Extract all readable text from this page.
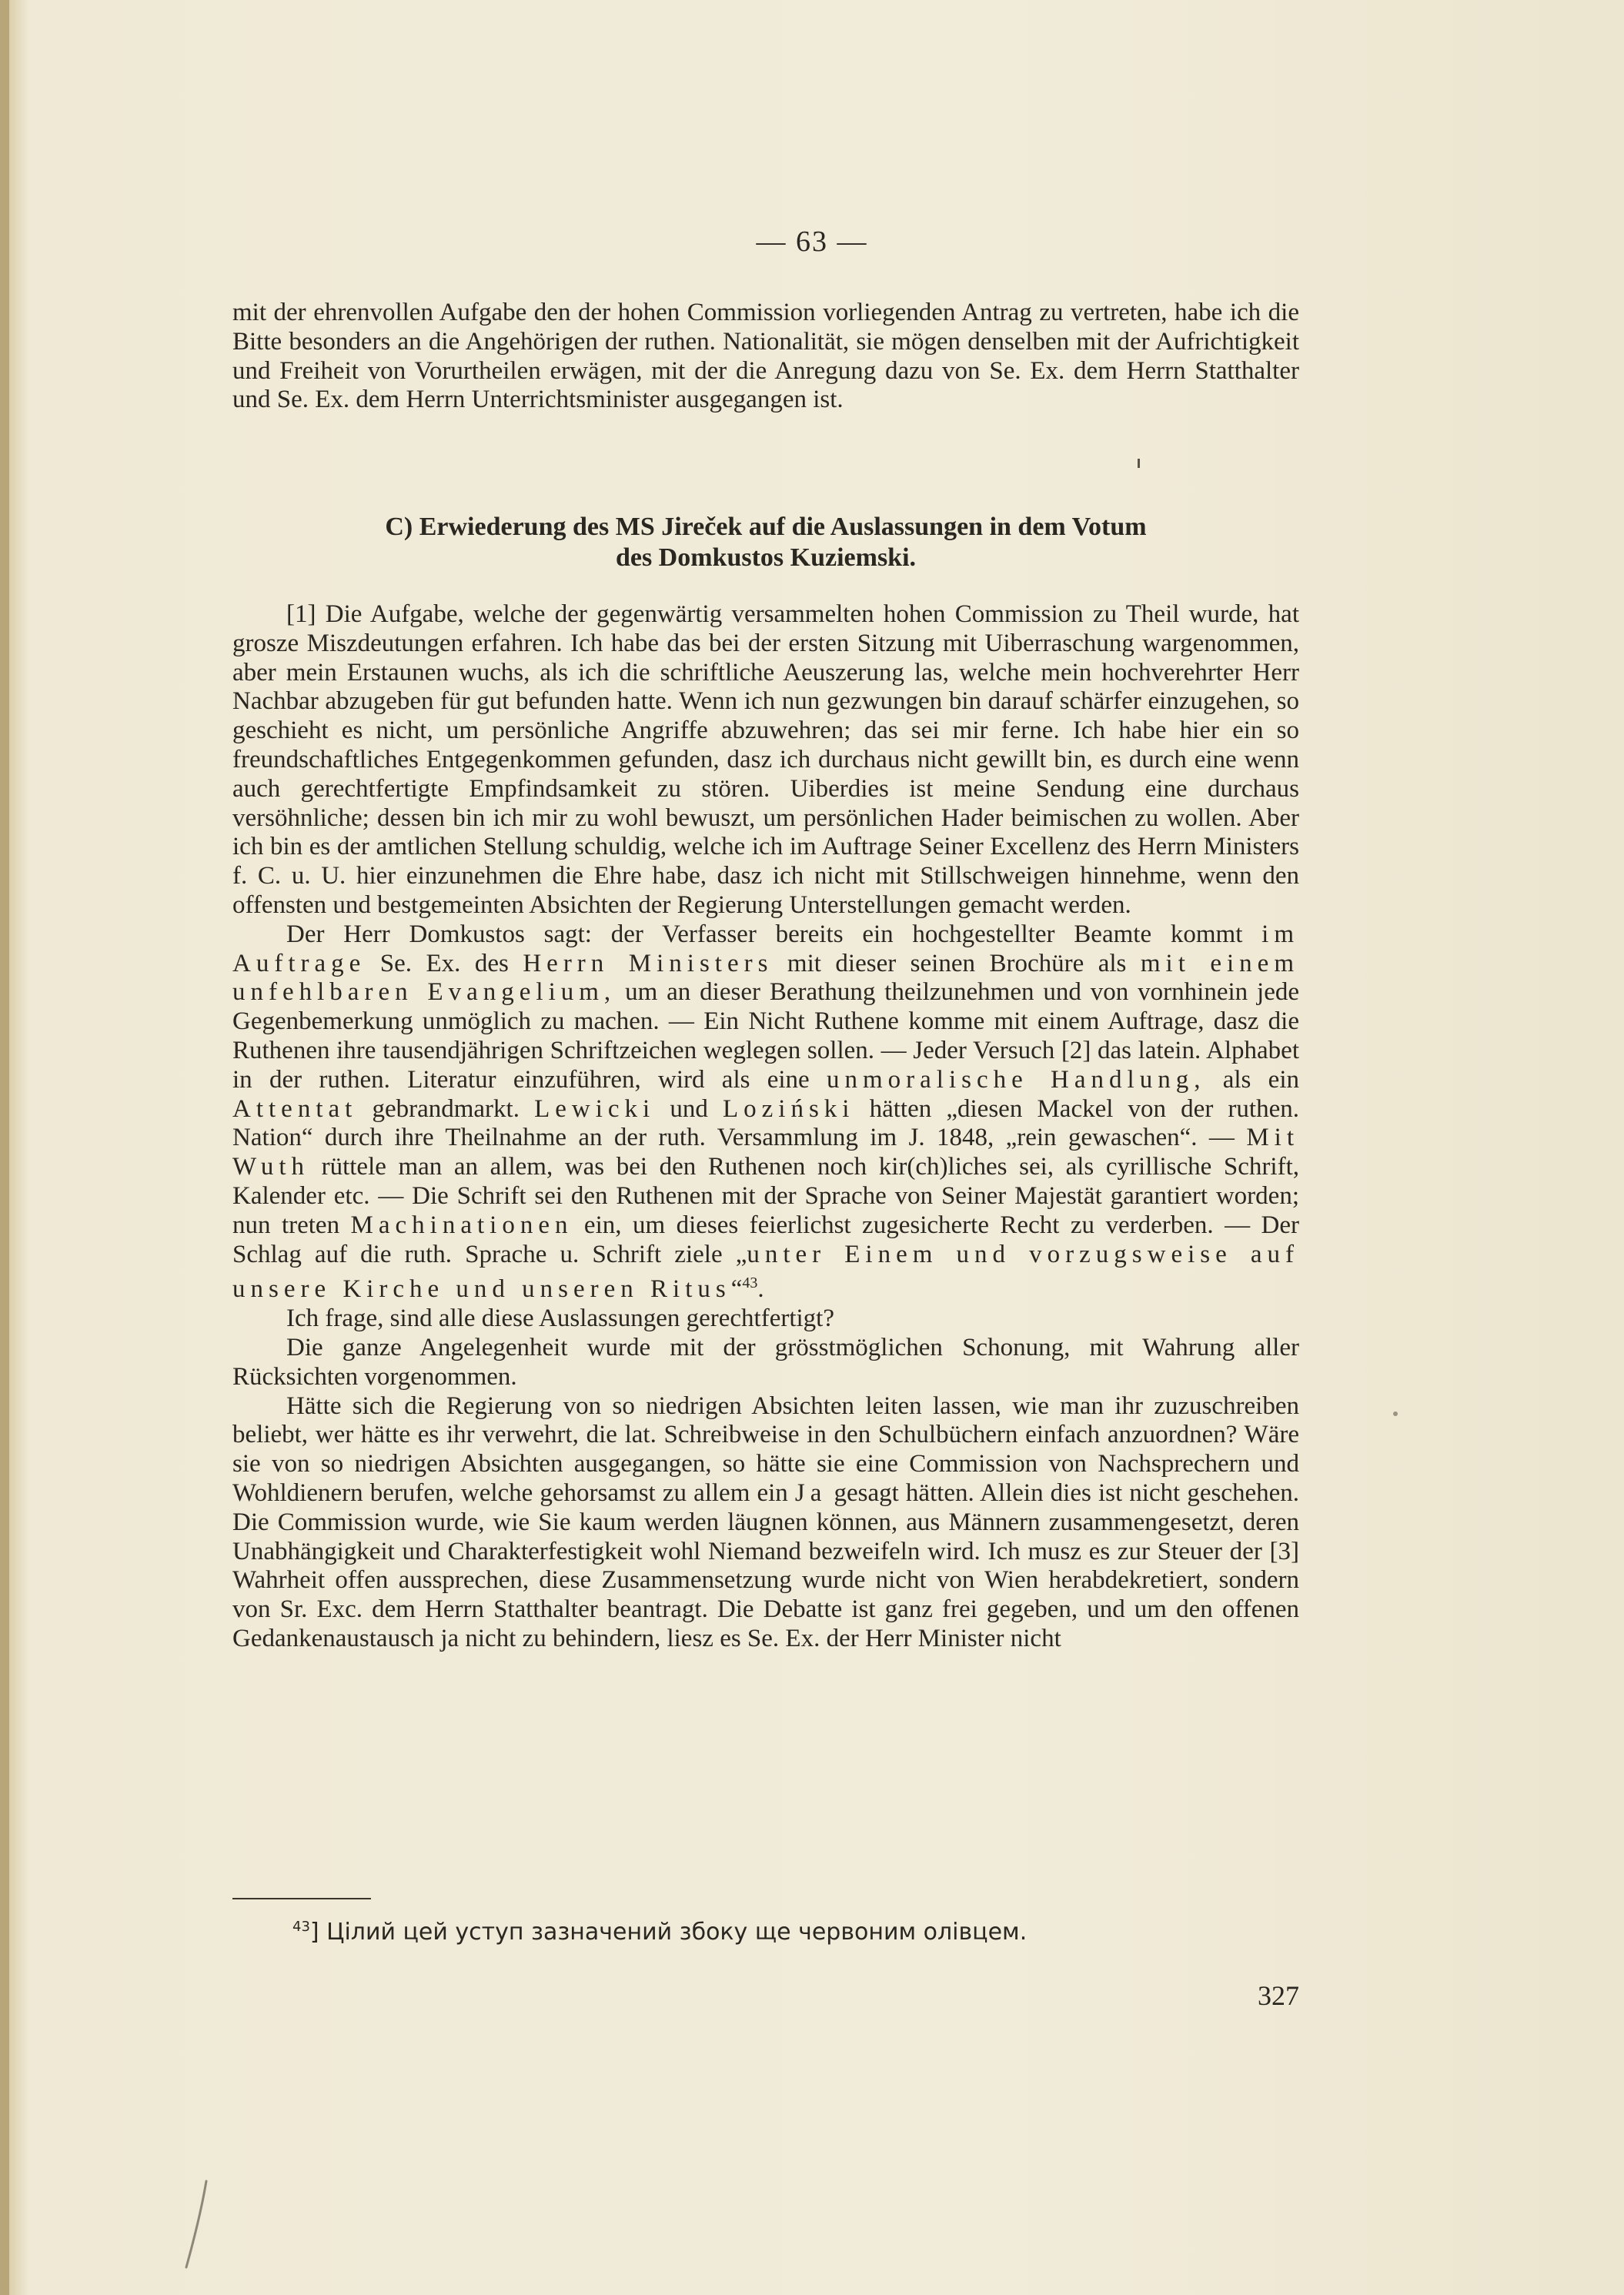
— 63 —

mit der ehrenvollen Aufgabe den der hohen Commission vorliegenden Antrag zu vertreten, habe ich die Bitte besonders an die Angehörigen der ruthen. Nationalität, sie mögen denselben mit der Aufrichtigkeit und Freiheit von Vorurtheilen erwägen, mit der die Anregung dazu von Se. Ex. dem Herrn Statthalter und Se. Ex. dem Herrn Unterrichtsminister ausgegangen ist.

C) Erwiederung des MS Jireček auf die Auslassungen in dem Votum
des Domkustos Kuziemski.

[1] Die Aufgabe, welche der gegenwärtig versammelten hohen Commission zu Theil wurde, hat grosze Miszdeutungen erfahren. Ich habe das bei der ersten Sitzung mit Uiberraschung wargenommen, aber mein Erstaunen wuchs, als ich die schriftliche Aeuszerung las, welche mein hochverehrter Herr Nachbar abzugeben für gut befunden hatte. Wenn ich nun gezwungen bin darauf schärfer einzugehen, so geschieht es nicht, um persönliche Angriffe abzuwehren; das sei mir ferne. Ich habe hier ein so freundschaftliches Entgegenkommen gefunden, dasz ich durchaus nicht gewillt bin, es durch eine wenn auch gerechtfertigte Empfindsamkeit zu stören. Uiberdies ist meine Sendung eine durchaus versöhnliche; dessen bin ich mir zu wohl bewuszt, um persönlichen Hader beimischen zu wollen. Aber ich bin es der amtlichen Stellung schuldig, welche ich im Auftrage Seiner Excellenz des Herrn Ministers f. C. u. U. hier einzunehmen die Ehre habe, dasz ich nicht mit Stillschweigen hinnehme, wenn den offensten und bestgemeinten Absichten der Regierung Unterstellungen gemacht werden.

Der Herr Domkustos sagt: der Verfasser bereits ein hochgestellter Beamte kommt im Auftrage Se. Ex. des Herrn Ministers mit dieser seinen Brochüre als mit einem unfehlbaren Evangelium, um an dieser Berathung theilzunehmen und von vornhinein jede Gegenbemerkung unmöglich zu machen. — Ein Nicht Ruthene komme mit einem Auftrage, dasz die Ruthenen ihre tausendjährigen Schriftzeichen weglegen sollen. — Jeder Versuch [2] das latein. Alphabet in der ruthen. Literatur einzuführen, wird als eine unmoralische Handlung, als ein Attentat gebrandmarkt. Lewicki und Loziński hätten „diesen Mackel von der ruthen. Nation“ durch ihre Theilnahme an der ruth. Versammlung im J. 1848, „rein gewaschen“. — Mit Wuth rüttele man an allem, was bei den Ruthenen noch kir(ch)liches sei, als cyrillische Schrift, Kalender etc. — Die Schrift sei den Ruthenen mit der Sprache von Seiner Majestät garantiert worden; nun treten Machinationen ein, um dieses feierlichst zugesicherte Recht zu verderben. — Der Schlag auf die ruth. Sprache u. Schrift ziele „unter Einem und vorzugsweise auf unsere Kirche und unseren Ritus“$^{43}$.

Ich frage, sind alle diese Auslassungen gerechtfertigt?

Die ganze Angelegenheit wurde mit der grösstmöglichen Schonung, mit Wahrung aller Rücksichten vorgenommen.

Hätte sich die Regierung von so niedrigen Absichten leiten lassen, wie man ihr zuzuschreiben beliebt, wer hätte es ihr verwehrt, die lat. Schreibweise in den Schulbüchern einfach anzuordnen? Wäre sie von so niedrigen Absichten ausgegangen, so hätte sie eine Commission von Nachsprechern und Wohldienern berufen, welche gehorsamst zu allem ein Ja gesagt hätten. Allein dies ist nicht geschehen. Die Commission wurde, wie Sie kaum werden läugnen können, aus Männern zusammengesetzt, deren Unabhängigkeit und Charakterfestigkeit wohl Niemand bezweifeln wird. Ich musz es zur Steuer der [3] Wahrheit offen aussprechen, diese Zusammensetzung wurde nicht von Wien herabdekretiert, sondern von Sr. Exc. dem Herrn Statthalter beantragt. Die Debatte ist ganz frei gegeben, und um den offenen Gedankenaustausch ja nicht zu behindern, liesz es Se. Ex. der Herr Minister nicht

$^{43}$] Цілий цей уступ зазначений збоку ще червоним олівцем.
327
